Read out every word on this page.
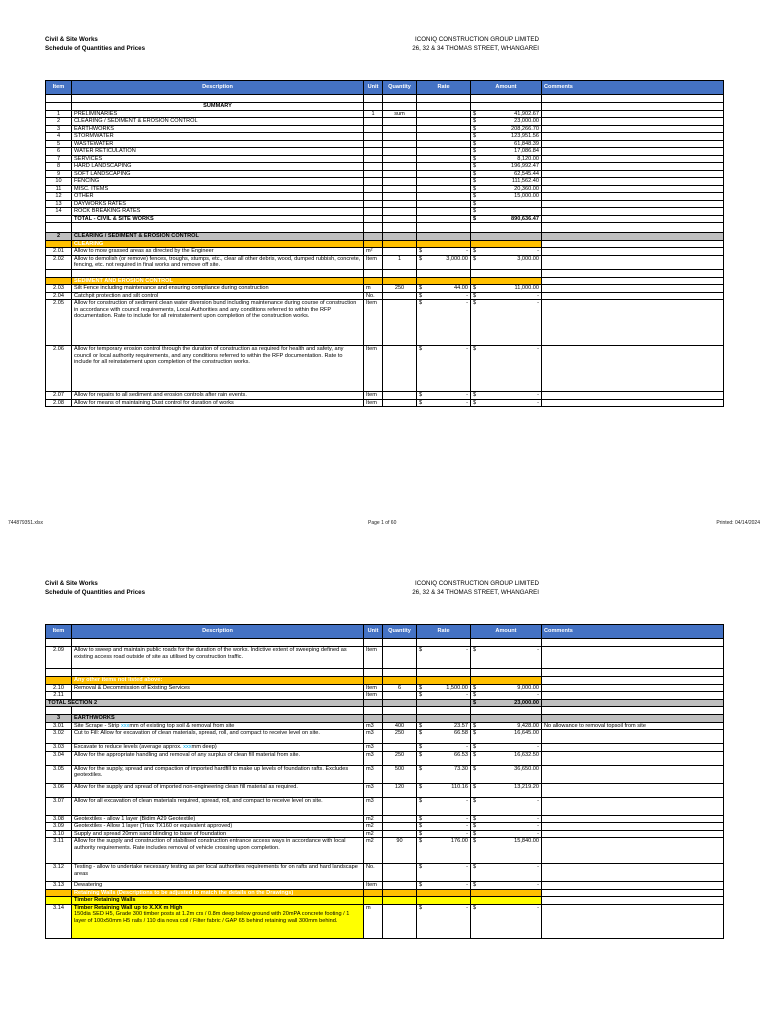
Civil & Site Works
Schedule of Quantities and Prices
ICONIQ CONSTRUCTION GROUP LIMITED
26, 32 & 34 THOMAS STREET, WHANGAREI
Item	Description	Unit	Quantity	Rate	Amount	Comments

	SUMMARY					
1	PRELIMINARIES	1	sum		$ 41,902.67	

2	CLEARING / SEDIMENT & EROSION CONTROL				$ 23,000.00	

3	EARTHWORKS				$ 208,266.70	

4	STORMWATER				$ 123,951.56	

5	WASTEWATER				$ 61,848.39	

6	WATER RETICULATION				$ 17,086.84	

7	SERVICES				$ 8,120.00	

8	HARD LANDSCAPING				$ 196,992.47	

9	SOFT LANDSCAPING				$ 62,545.44	

10	FENCING				$ 111,562.40	

11	MISC. ITEMS				$ 20,360.00	

12	OTHER				$ 15,000.00	

13	DAYWORKS RATES				$	

14	ROCK BREAKING RATES				$	

	TOTAL - CIVIL & SITE WORKS				$ 890,636.47	

2	CLEARING / SEDIMENT & EROSION CONTROL					
	CLEARING					
2.01	Allow to mow grassed areas as directed by the Engineer	m²		$ -	$ -	

2.02	Allow to demolish (or remove) fences, troughs, stumps, etc., clear all other debris, wood, dumped rubbish, concrete, fencing, etc. not required in final works and remove off site.	Item	1	$ 3,000.00	$ 3,000.00	

	SEDIMENT AND EROSION CONTROL					
2.03	Silt Fence including maintenance and ensuring compliance during construction	m	250	$ 44.00	$ 11,000.00	

2.04	Catchpit protection and silt control	No.		$ -	$ -	

2.05	Allow for construction of sediment clean water diversion bund including maintenance during course of construction in accordance with council requirements, Local Authorities and any conditions referred to within the RFP documentation. Rate to include for all reinstatement upon completion of the construction works.	Item		$ -	$ -	

2.06	Allow for temporary erosion control through the duration of construction as required for health and safety, any council or local authority requirements, and any conditions referred to within the RFP documentation. Rate to include for all reinstatement upon completion of the construction works.	Item		$ -	$ -	

2.07	Allow for repairs to all sediment and erosion controls after rain events.	Item		$ -	$ -	

2.08	Allow for means of maintaining Dust control for duration of works	Item		$ -	$ -	

744879351.xlsx	Page 1 of 60	Printed: 04/14/2024
Civil & Site Works
Schedule of Quantities and Prices
ICONIQ CONSTRUCTION GROUP LIMITED
26, 32 & 34 THOMAS STREET, WHANGAREI
Item	Description	Unit	Quantity	Rate	Amount	Comments

2.09	Allow to sweep and maintain public roads for the duration of the works. Indictive extent of sweeping defined as existing access road outside of site as utilised by construction traffic.	Item		$ -	$ -	

	Any other items not listed above:					
2.10	Removal & Decommission of Existing Services	Item	6	$ 1,500.00	$ 9,000.00	

2.11		Item		$ -	$ -	

TOTAL SECTION 2					$ 23,000.00	

3	EARTHWORKS					
3.01	Site Scrape - Strip xxxmm of existing top soil & removal from site	m3	400	$ 23.57	$ 9,428.00	No allowance to removal topsoil from site
3.02	Cut to Fill: Allow for excavation of clean materials, spread, roll, and compact to receive level on site.	m3	250	$ 66.58	$ 16,645.00	

3.03	Excavate to reduce levels (average approx. xxxmm deep)	m3		$ -	$ -	

3.04	Allow for the appropriate handling and removal of any surplus of clean fill material from site.	m3	250	$ 66.53	$ 16,632.50	

3.05	Allow for the supply, spread and compaction of imported hardfill to make up levels of foundation rafts. Excludes geotextiles.	m3	500	$ 73.30	$ 36,650.00	

3.06	Allow for the supply and spread of imported non-engineering clean fill material as required.	m3	120	$ 110.16	$ 13,219.20	

3.07	Allow for all excavation of clean materials required, spread, roll, and compact to receive level on site.	m3		$ -	$ -	

3.08	Geotextiles - allow 1 layer (Bidim A29 Geotextile)	m2		$ -	$ -	

3.09	Geotextiles - Allow 1 layer (Triax TX160 or equivalent approved)	m2		$ -	$ -	

3.10	Supply and spread 20mm sand blinding to base of foundation	m2		$ -	$ -	

3.11	Allow for the supply and construction of stabilised construction entrance access ways in accordance with local authority requirements. Rate includes removal of vehicle crossing upon completion.	m2	90	$ 176.00	$ 15,840.00	

3.12	Testing - allow to undertake necessary testing as per local authorities requirements for on rafts and hard landscape areas	No.		$ -	$ -	

3.13	Dewatering	Item		$ -	$ -	

	Retaining Walls (Descriptions to be adjusted to match the details on the Drawings)					
	Timber Retaining Walls					
3.14	Timber Retaining Wall up to X.XX m High
150dia SED H5, Grade 300 timber posts at 1.2m crs / 0.8m deep below ground with 20mPA concrete footing / 1 layer of 100x50mm H5 rails / 110 dia nova coil / Filter fabric / GAP 65 behind retaining wall 300mm behind.	m		$ -	$ -	
